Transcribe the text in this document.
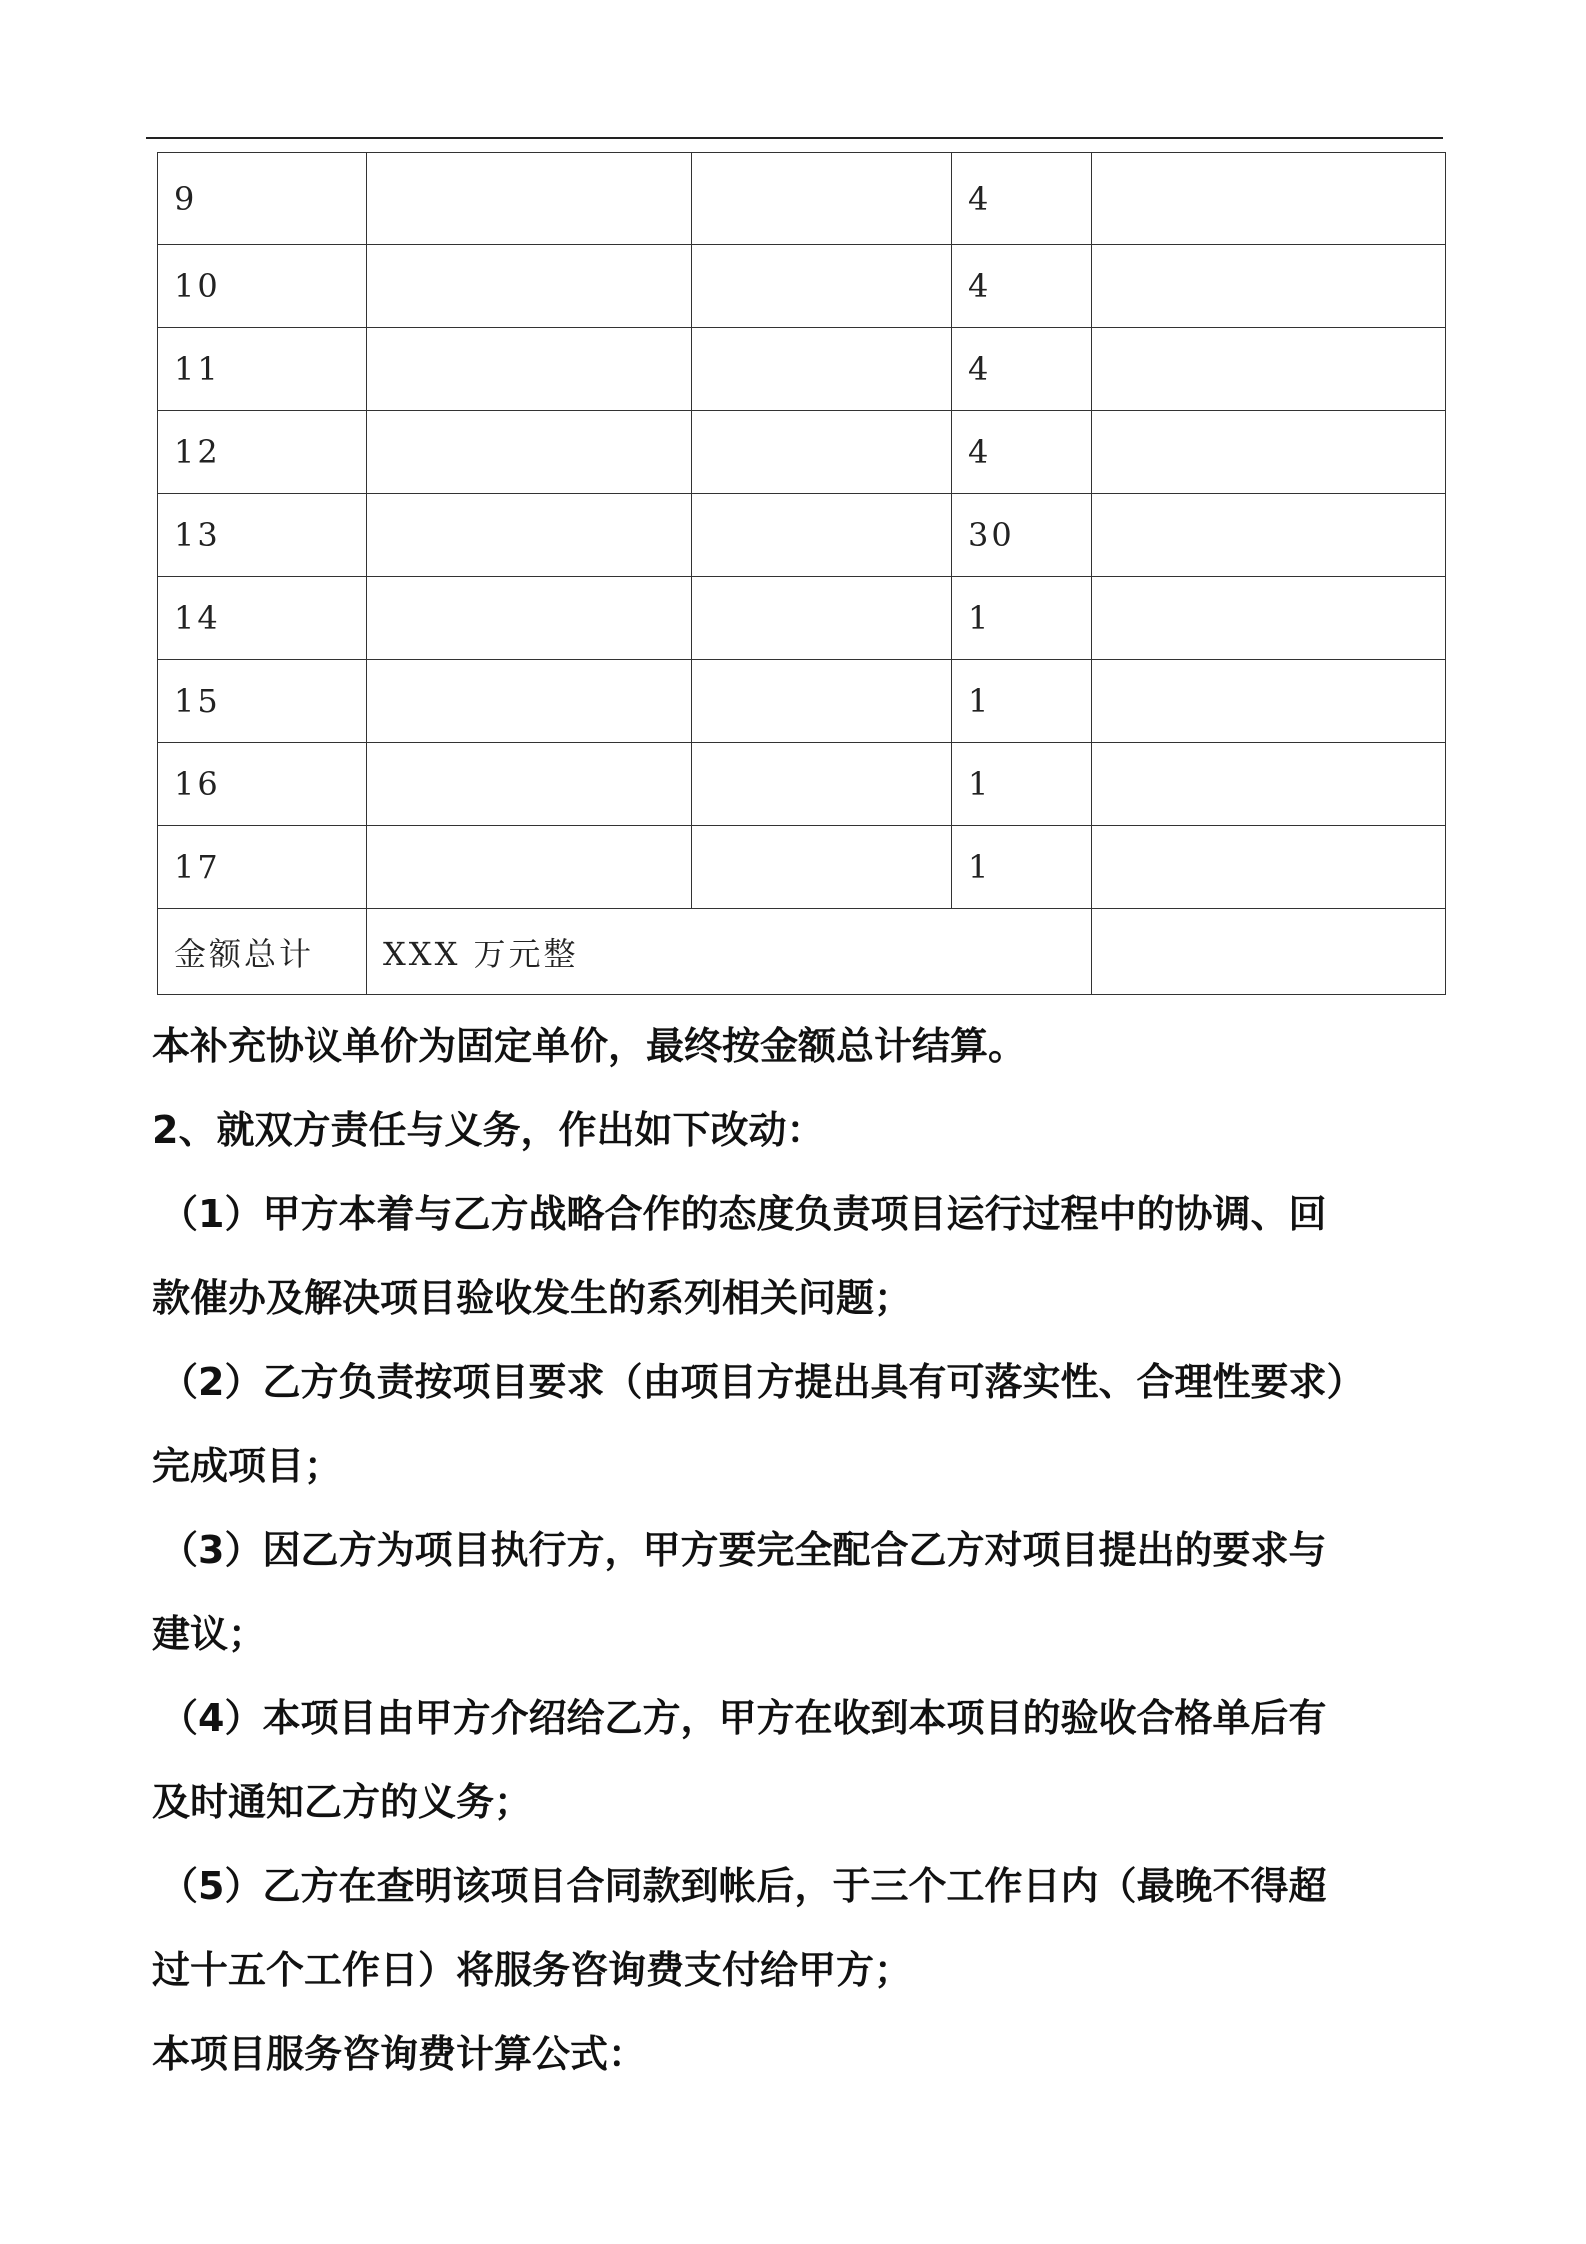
9			4	
10			4	
11			4	
12			4	
13			30	
14			1	
15			1	
16			1	
17			1	
金额总计	XXX 万元整			

本补充协议单价为固定单价，最终按金额总计结算。

2、就双方责任与义务，作出如下改动：

（1）甲方本着与乙方战略合作的态度负责项目运行过程中的协调、回

款催办及解决项目验收发生的系列相关问题；

（2）乙方负责按项目要求（由项目方提出具有可落实性、合理性要求）

完成项目；

（3）因乙方为项目执行方，甲方要完全配合乙方对项目提出的要求与

建议；

（4）本项目由甲方介绍给乙方，甲方在收到本项目的验收合格单后有

及时通知乙方的义务；

（5）乙方在查明该项目合同款到帐后，于三个工作日内（最晚不得超

过十五个工作日）将服务咨询费支付给甲方；

本项目服务咨询费计算公式：
